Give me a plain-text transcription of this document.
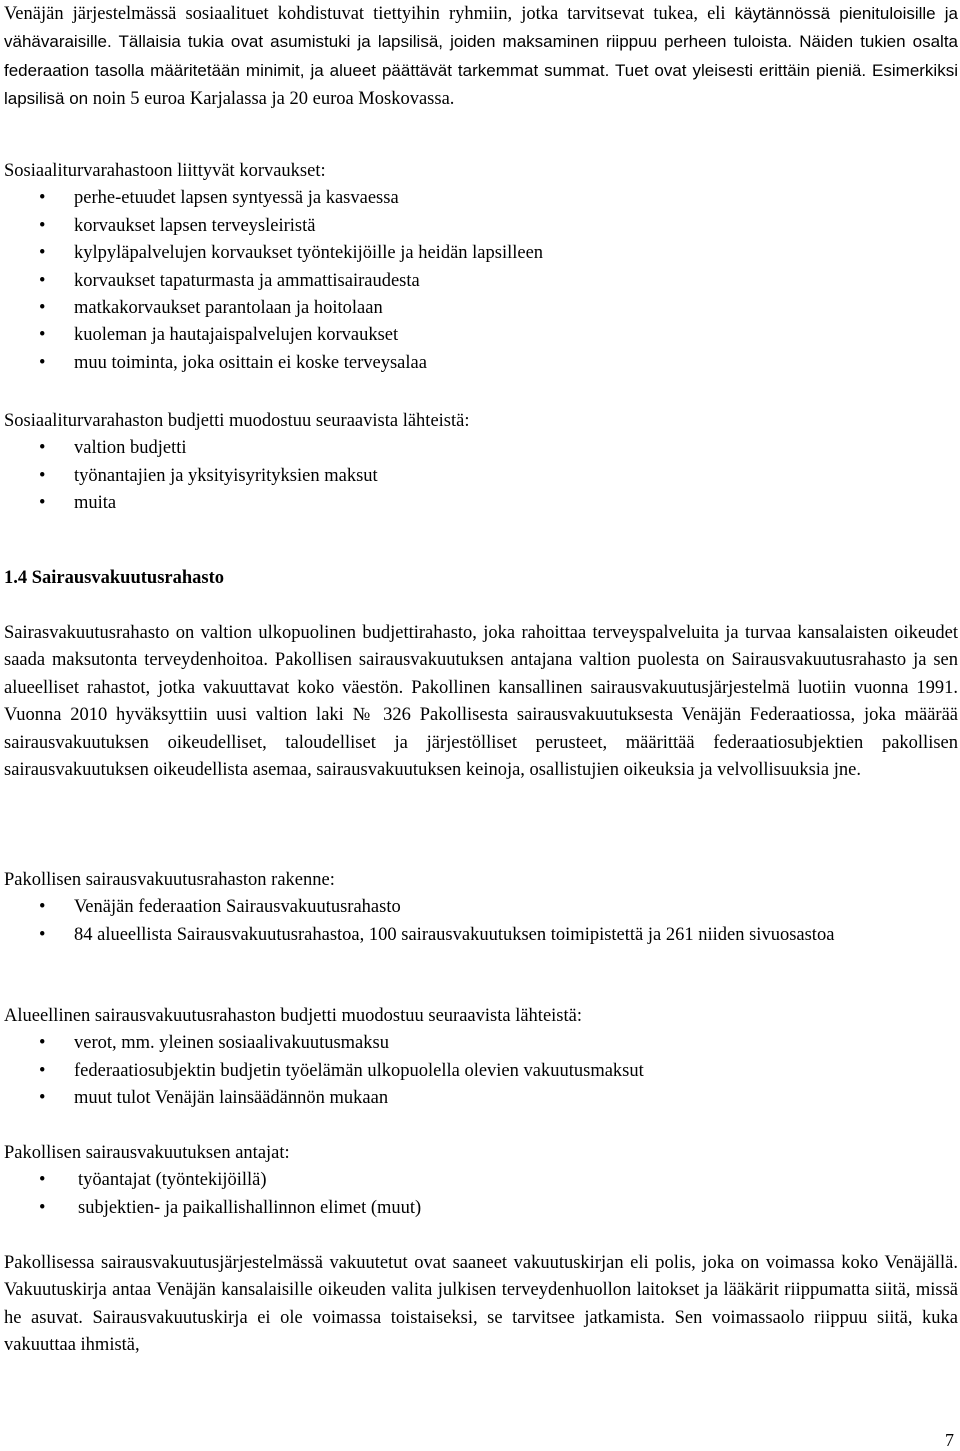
Venäjän järjestelmässä sosiaalituet kohdistuvat tiettyihin ryhmiin, jotka tarvitsevat tukea, eli käytännössä pienituloisille ja vähävaraisille. Tällaisia tukia ovat asumistuki ja lapsilisä, joiden maksaminen riippuu perheen tuloista. Näiden tukien osalta federaation tasolla määritetään minimit, ja alueet päättävät tarkemmat summat. Tuet ovat yleisesti erittäin pieniä. Esimerkiksi lapsilisä on noin 5 euroa Karjalassa ja 20 euroa Moskovassa.

Sosiaaliturvarahastoon liittyvät korvaukset:

• perhe-etuudet lapsen syntyessä ja kasvaessa
• korvaukset lapsen terveysleiristä
• kylpyläpalvelujen korvaukset työntekijöille ja heidän lapsilleen
• korvaukset tapaturmasta ja ammattisairaudesta
• matkakorvaukset parantolaan ja hoitolaan
• kuoleman ja hautajaispalvelujen korvaukset
• muu toiminta, joka osittain ei koske terveysalaa

Sosiaaliturvarahaston budjetti muodostuu seuraavista lähteistä:

• valtion budjetti
• työnantajien ja yksityisyrityksien maksut
• muita
1.4 Sairausvakuutusrahasto

Sairasvakuutusrahasto on valtion ulkopuolinen budjettirahasto, joka rahoittaa terveyspalveluita ja turvaa kansalaisten oikeudet saada maksutonta terveydenhoitoa. Pakollisen sairausvakuutuksen antajana valtion puolesta on Sairausvakuutusrahasto ja sen alueelliset rahastot, jotka vakuuttavat koko väestön. Pakollinen kansallinen sairausvakuutusjärjestelmä luotiin vuonna 1991. Vuonna 2010 hyväksyttiin uusi valtion laki № 326 Pakollisesta sairausvakuutuksesta Venäjän Federaatiossa, joka määrää sairausvakuutuksen oikeudelliset, taloudelliset ja järjestölliset perusteet, määrittää federaatiosubjektien pakollisen sairausvakuutuksen oikeudellista asemaa, sairausvakuutuksen keinoja, osallistujien oikeuksia ja velvollisuuksia jne.

Pakollisen sairausvakuutusrahaston rakenne:

• Venäjän federaation Sairausvakuutusrahasto
• 84 alueellista Sairausvakuutusrahastoa, 100 sairausvakuutuksen toimipistettä ja 261 niiden sivuosastoa

Alueellinen sairausvakuutusrahaston budjetti muodostuu seuraavista lähteistä:

• verot, mm. yleinen sosiaalivakuutusmaksu
• federaatiosubjektin budjetin työelämän ulkopuolella olevien vakuutusmaksut
• muut tulot Venäjän lainsäädännön mukaan

Pakollisen sairausvakuutuksen antajat:

• työantajat (työntekijöillä)
• subjektien- ja paikallishallinnon elimet (muut)

Pakollisessa sairausvakuutusjärjestelmässä vakuutetut ovat saaneet vakuutuskirjan eli polis, joka on voimassa koko Venäjällä. Vakuutuskirja antaa Venäjän kansalaisille oikeuden valita julkisen terveydenhuollon laitokset ja lääkärit riippumatta siitä, missä he asuvat. Sairausvakuutuskirja ei ole voimassa toistaiseksi, se tarvitsee jatkamista. Sen voimassaolo riippuu siitä, kuka vakuuttaa ihmistä,

7
